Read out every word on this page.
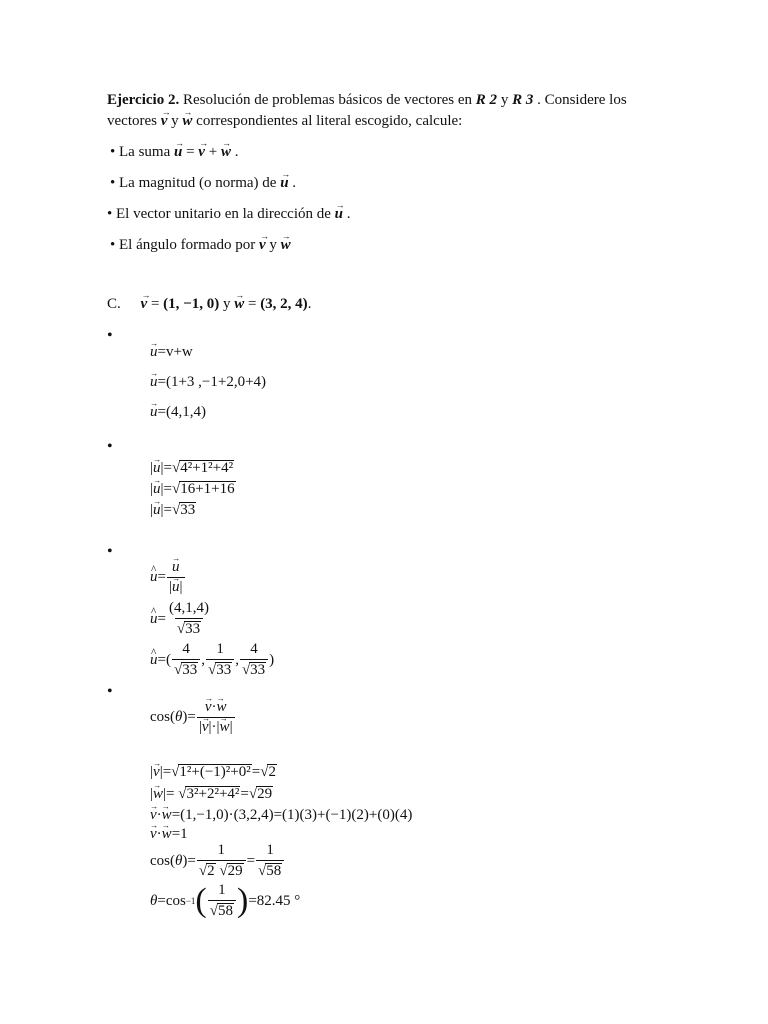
Ejercicio 2. Resolución de problemas básicos de vectores en R 2 y R 3 . Considere los
vectores v → y w → correspondientes al literal escogido, calcule:
• La suma u → = v → + w → .
• La magnitud (o norma) de u → .
• El vector unitario en la dirección de u → .
• El ángulo formado por v → y w →
C. v → = (1, −1, 0) y w → = (3, 2, 4).
•
•
•
•
u →=v+w
u →=(1+3 ,−1+2,0+4)
u →=(4,1,4)
|u →|=√4²+1²+4²
|u →|=√16+1+16
|u →|=√33
u ^ = $\frac{u \to}{|u \to|}$
u ^ = $\frac{(4,1,4)}{√33}$
u ^ = ( $\frac{4}{√33}$ , $\frac{1}{√33}$ , $\frac{4}{√33}$ )
cos ( θ ) = $\frac{v \to\cdot w \to}{|v \to|\cdot|w \to|}$
|v →|=√1²+(−1)²+0²=√2
|w →|= √3²+2²+4²=√29
v →·w →=(1,−1,0)·(3,2,4)=(1)(3)+(−1)(2)+(0)(4)
v →·w →=1
cos ( θ ) = $\frac{1}{√2 √29} = \frac{1}{√58}$
θ = cos −1 ( $\frac{1}{√58}$ ) =82.45 °
